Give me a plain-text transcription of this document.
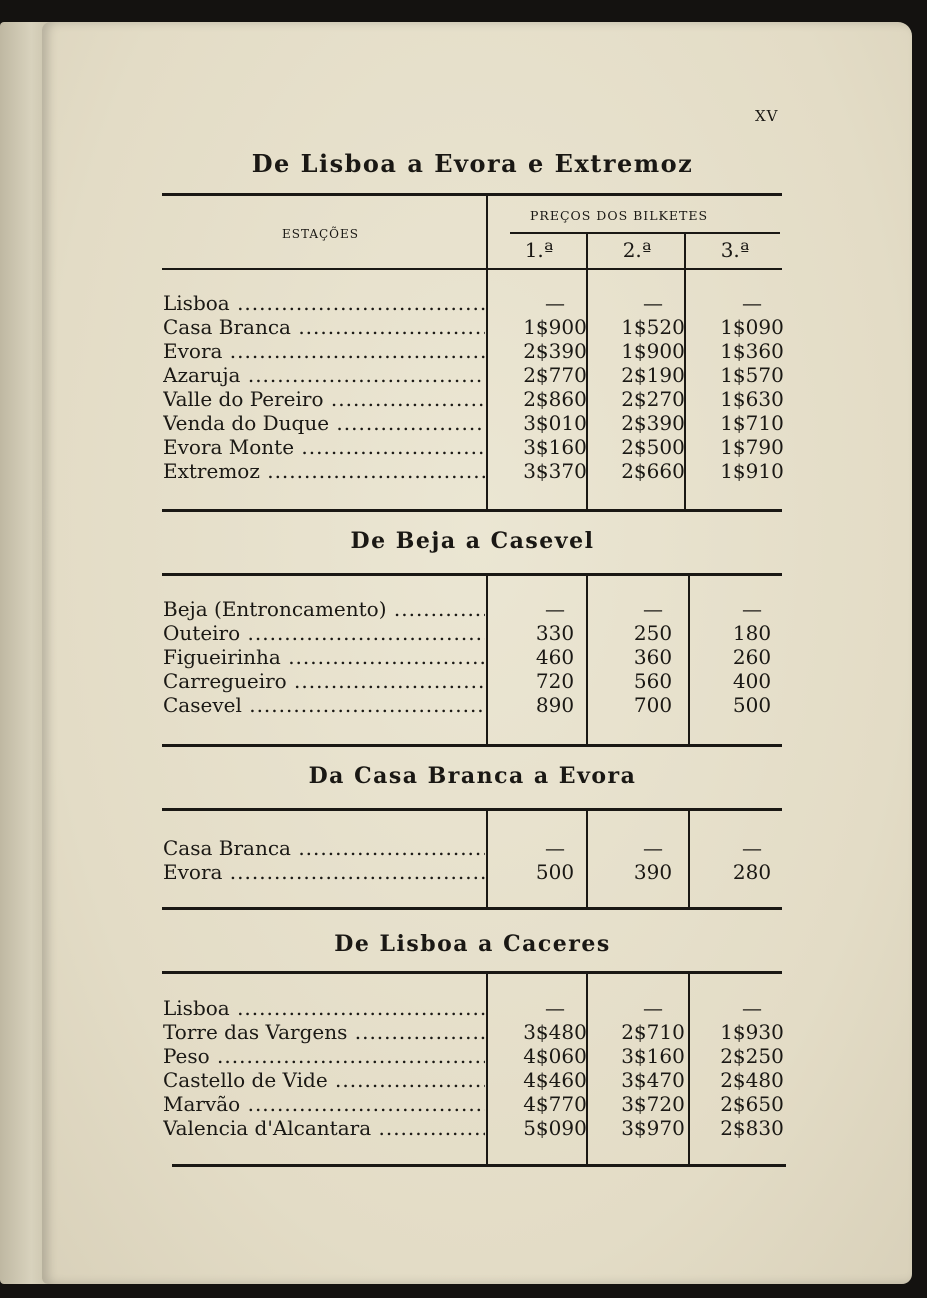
XV
De Lisboa a Evora e Extremoz
ESTAÇÕES
PREÇOS DOS BILKETES
1.ª	2.ª	3.ª
Lisboa .....	—	—	—
Casa Branca .....	1$900	1$520	1$090
Evora .....	2$390	1$900	1$360
Azaruja .....	2$770	2$190	1$570
Valle do Pereiro .....	2$860	2$270	1$630
Venda do Duque .....	3$010	2$390	1$710
Evora Monte .....	3$160	2$500	1$790
Extremoz .....	3$370	2$660	1$910
De Beja a Casevel
Beja (Entroncamento) .....	—	—	—
Outeiro .....	330	250	180
Figueirinha .....	460	360	260
Carregueiro .....	720	560	400
Casevel .....	890	700	500
Da Casa Branca a Evora
Casa Branca .....	—	—	—
Evora .....	500	390	280
De Lisboa a Caceres
Lisboa .....	—	—	—
Torre das Vargens .....	3$480	2$710	1$930
Peso .....	4$060	3$160	2$250
Castello de Vide .....	4$460	3$470	2$480
Marvão .....	4$770	3$720	2$650
Valencia d'Alcantara .....	5$090	3$970	2$830
